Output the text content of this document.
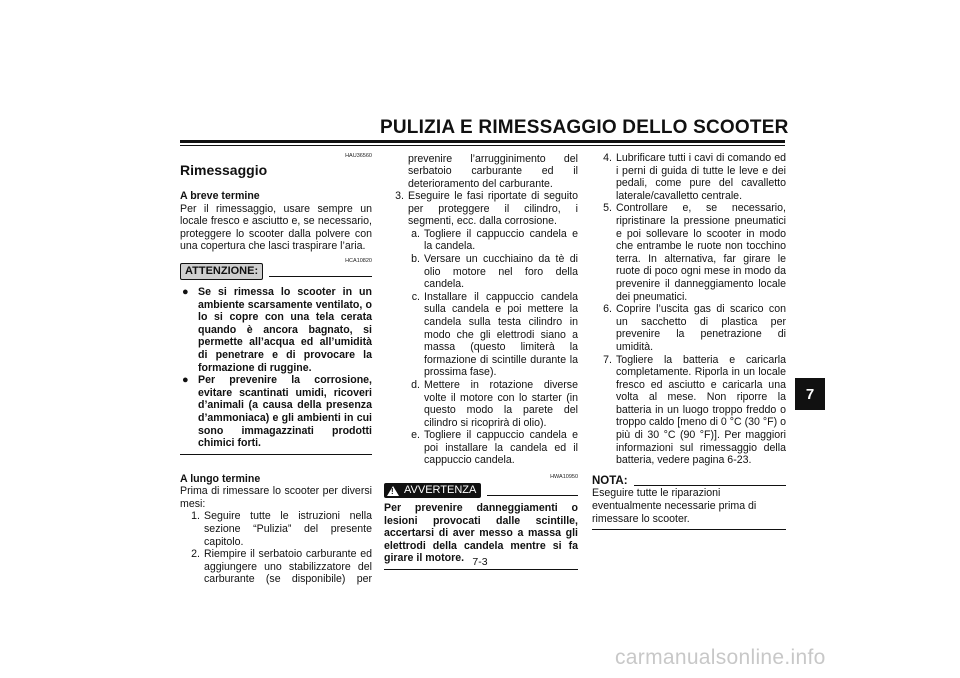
PULIZIA E RIMESSAGGIO DELLO SCOOTER
HAU36560
Rimessaggio
A breve termine
Per il rimessaggio, usare sempre un locale fresco e asciutto e, se necessario, proteggere lo scooter dalla polvere con una copertura che lasci traspirare l’aria.
HCA10820
ATTENZIONE:
● Se si rimessa lo scooter in un ambiente scarsamente ventilato, o lo si copre con una tela cerata quando è ancora bagnato, si permette all’acqua ed all’umidità di penetrare e di provocare la formazione di ruggine.
● Per prevenire la corrosione, evitare scantinati umidi, ricoveri d’animali (a causa della presenza d’ammoniaca) e gli ambienti in cui sono immagazzinati prodotti chimici forti.
A lungo termine
Prima di rimessare lo scooter per diversi mesi:
1. Seguire tutte le istruzioni nella sezione “Pulizia” del presente capitolo.
2. Riempire il serbatoio carburante ed aggiungere uno stabilizzatore del carburante (se disponibile) per
prevenire l’arrugginimento del serbatoio carburante ed il deterioramento del carburante.
3. Eseguire le fasi riportate di seguito per proteggere il cilindro, i segmenti, ecc. dalla corrosione.
a. Togliere il cappuccio candela e la candela.
b. Versare un cucchiaino da tè di olio motore nel foro della candela.
c. Installare il cappuccio candela sulla candela e poi mettere la candela sulla testa cilindro in modo che gli elettrodi siano a massa (questo limiterà la formazione di scintille durante la prossima fase).
d. Mettere in rotazione diverse volte il motore con lo starter (in questo modo la parete del cilindro si ricoprirà di olio).
e. Togliere il cappuccio candela e poi installare la candela ed il cappuccio candela.
HWA10950
! AVVERTENZA
Per prevenire danneggiamenti o lesioni provocati dalle scintille, accertarsi di aver messo a massa gli elettrodi della candela mentre si fa girare il motore.
4. Lubrificare tutti i cavi di comando ed i perni di guida di tutte le leve e dei pedali, come pure del cavalletto laterale/cavalletto centrale.
5. Controllare e, se necessario, ripristinare la pressione pneumatici e poi sollevare lo scooter in modo che entrambe le ruote non tocchino terra. In alternativa, far girare le ruote di poco ogni mese in modo da prevenire il danneggiamento locale dei pneumatici.
6. Coprire l’uscita gas di scarico con un sacchetto di plastica per prevenire la penetrazione di umidità.
7. Togliere la batteria e caricarla completamente. Riporla in un locale fresco ed asciutto e caricarla una volta al mese. Non riporre la batteria in un luogo troppo freddo o troppo caldo [meno di 0 °C (30 °F) o più di 30 °C (90 °F)]. Per maggiori informazioni sul rimessaggio della batteria, vedere pagina 6-23.
NOTA:
Eseguire tutte le riparazioni eventualmente necessarie prima di rimessare lo scooter.
7-3
7
carmanualsonline.info
